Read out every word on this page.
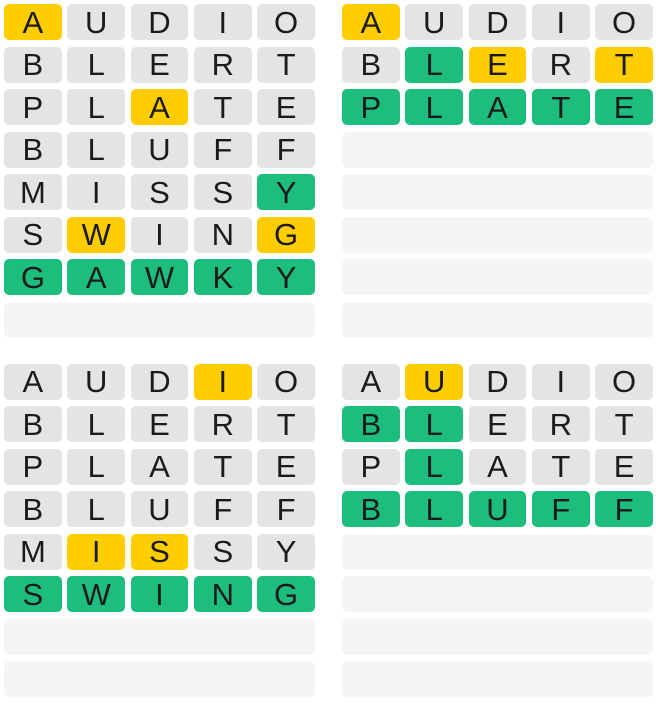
A	U	D	I	O
B	L	E	R	T
P	L	A	T	E
B	L	U	F	F
M	I	S	S	Y
S	W	I	N	G
G	A	W	K	Y
A	U	D	I	O
B	L	E	R	T
P	L	A	T	E
A	U	D	I	O
B	L	E	R	T
P	L	A	T	E
B	L	U	F	F
M	I	S	S	Y
S	W	I	N	G
A	U	D	I	O
B	L	E	R	T
P	L	A	T	E
B	L	U	F	F
